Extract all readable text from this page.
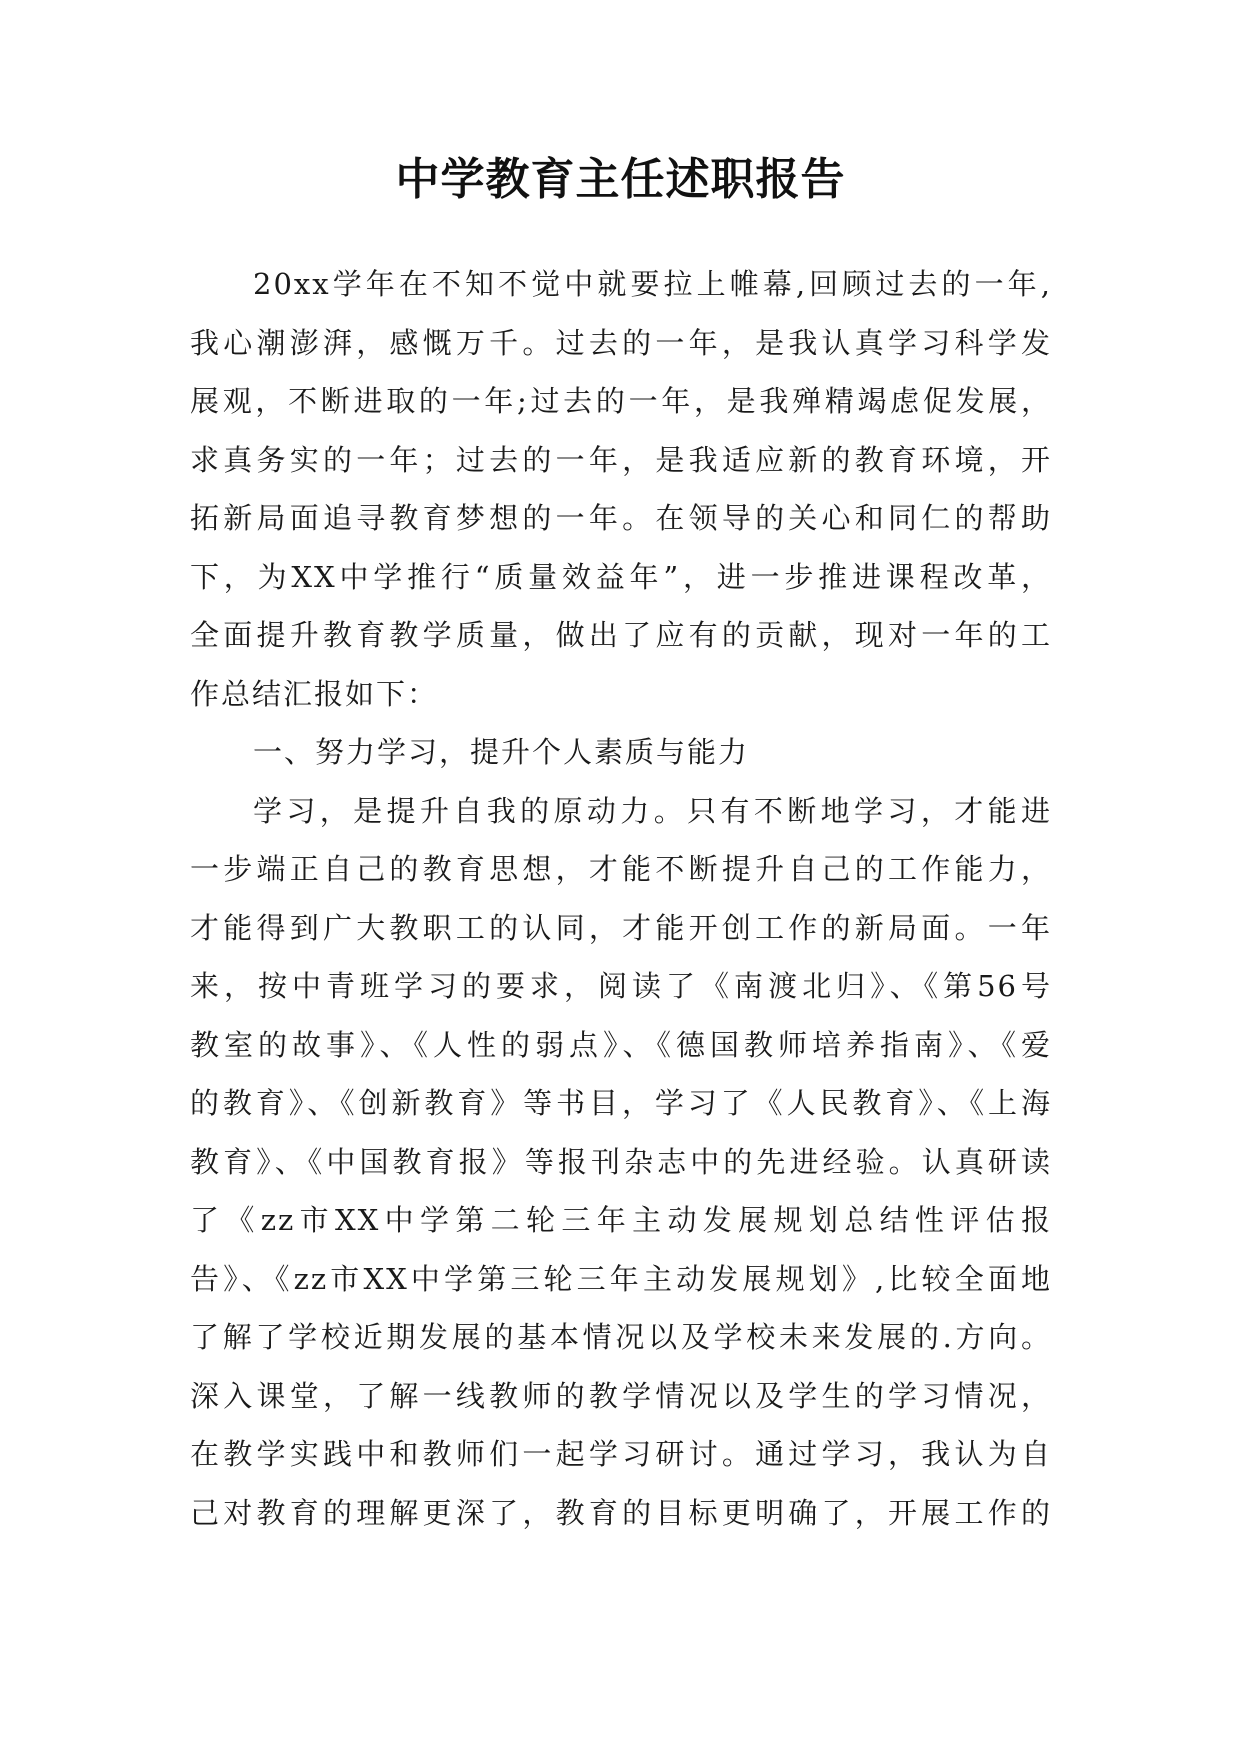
中学教育主任述职报告
20xx学年在不知不觉中就要拉上帷幕,回顾过去的一年,
我心潮澎湃，感慨万千。过去的一年，是我认真学习科学发
展观，不断进取的一年;过去的一年，是我殚精竭虑促发展，
求真务实的一年；过去的一年，是我适应新的教育环境，开
拓新局面追寻教育梦想的一年。在领导的关心和同仁的帮助
下，为XX中学推行“质量效益年”，进一步推进课程改革，
全面提升教育教学质量，做出了应有的贡献，现对一年的工
作总结汇报如下：
一、努力学习，提升个人素质与能力
学习，是提升自我的原动力。只有不断地学习，才能进
一步端正自己的教育思想，才能不断提升自己的工作能力，
才能得到广大教职工的认同，才能开创工作的新局面。一年
来，按中青班学习的要求，阅读了《南渡北归》、《第56号
教室的故事》、《人性的弱点》、《德国教师培养指南》、《爱
的教育》、《创新教育》等书目，学习了《人民教育》、《上海
教育》、《中国教育报》等报刊杂志中的先进经验。认真研读
了《zz市XX中学第二轮三年主动发展规划总结性评估报
告》、《zz市XX中学第三轮三年主动发展规划》,比较全面地
了解了学校近期发展的基本情况以及学校未来发展的.方向。
深入课堂，了解一线教师的教学情况以及学生的学习情况，
在教学实践中和教师们一起学习研讨。通过学习，我认为自
己对教育的理解更深了，教育的目标更明确了，开展工作的
